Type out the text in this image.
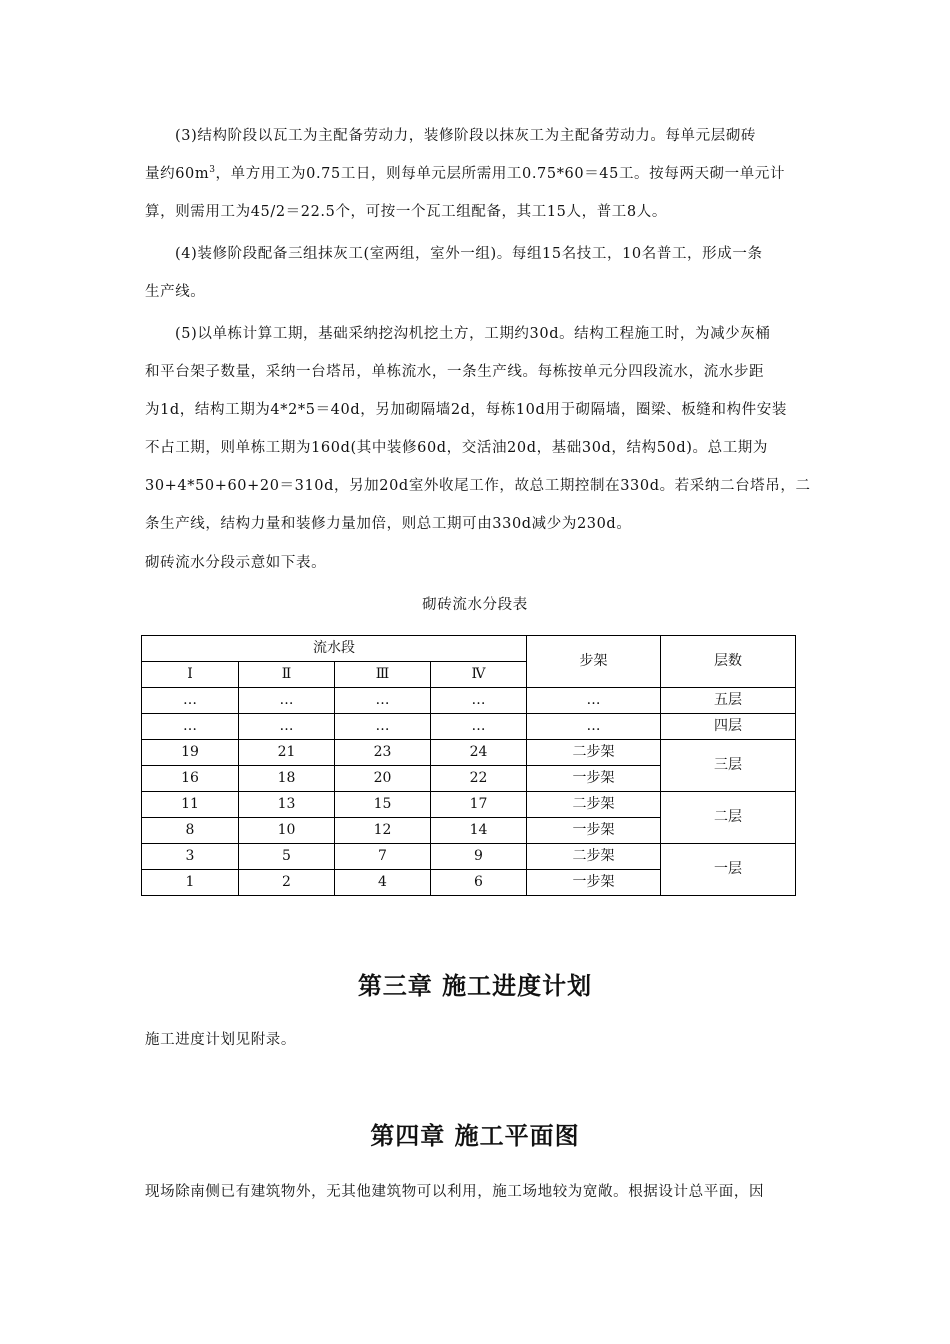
(3)结构阶段以瓦工为主配备劳动力，装修阶段以抹灰工为主配备劳动力。每单元层砌砖
量约$60m^3$，单方用工为0.75工日，则每单元层所需用工0.75*60＝45工。按每两天砌一单元计
算，则需用工为45/2＝22.5个，可按一个瓦工组配备，其工15人，普工8人。

(4)装修阶段配备三组抹灰工(室两组，室外一组)。每组15名技工，10名普工，形成一条
生产线。

(5)以单栋计算工期，基础采纳挖沟机挖土方，工期约30d。结构工程施工时，为减少灰桶
和平台架子数量，采纳一台塔吊，单栋流水，一条生产线。每栋按单元分四段流水，流水步距
为1d，结构工期为4*2*5＝40d，另加砌隔墙2d，每栋10d用于砌隔墙，圈梁、板缝和构件安装
不占工期，则单栋工期为160d(其中装修60d，交活油20d，基础30d，结构50d)。总工期为
30+4*50+60+20＝310d，另加20d室外收尾工作，故总工期控制在330d。若采纳二台塔吊，二
条生产线，结构力量和装修力量加倍，则总工期可由330d减少为230d。

砌砖流水分段示意如下表。

砌砖流水分段表
流水段				步架	层数
Ⅰ	Ⅱ	Ⅲ	Ⅳ		
…	…	…	…	…	五层
…	…	…	…	…	四层
19	21	23	24	二步架	三层
16	18	20	22	一步架	
11	13	15	17	二步架	二层
8	10	12	14	一步架	
3	5	7	9	二步架	一层
1	2	4	6	一步架	
第三章 施工进度计划

施工进度计划见附录。

第四章 施工平面图

现场除南侧已有建筑物外，无其他建筑物可以利用，施工场地较为宽敞。根据设计总平面，因
